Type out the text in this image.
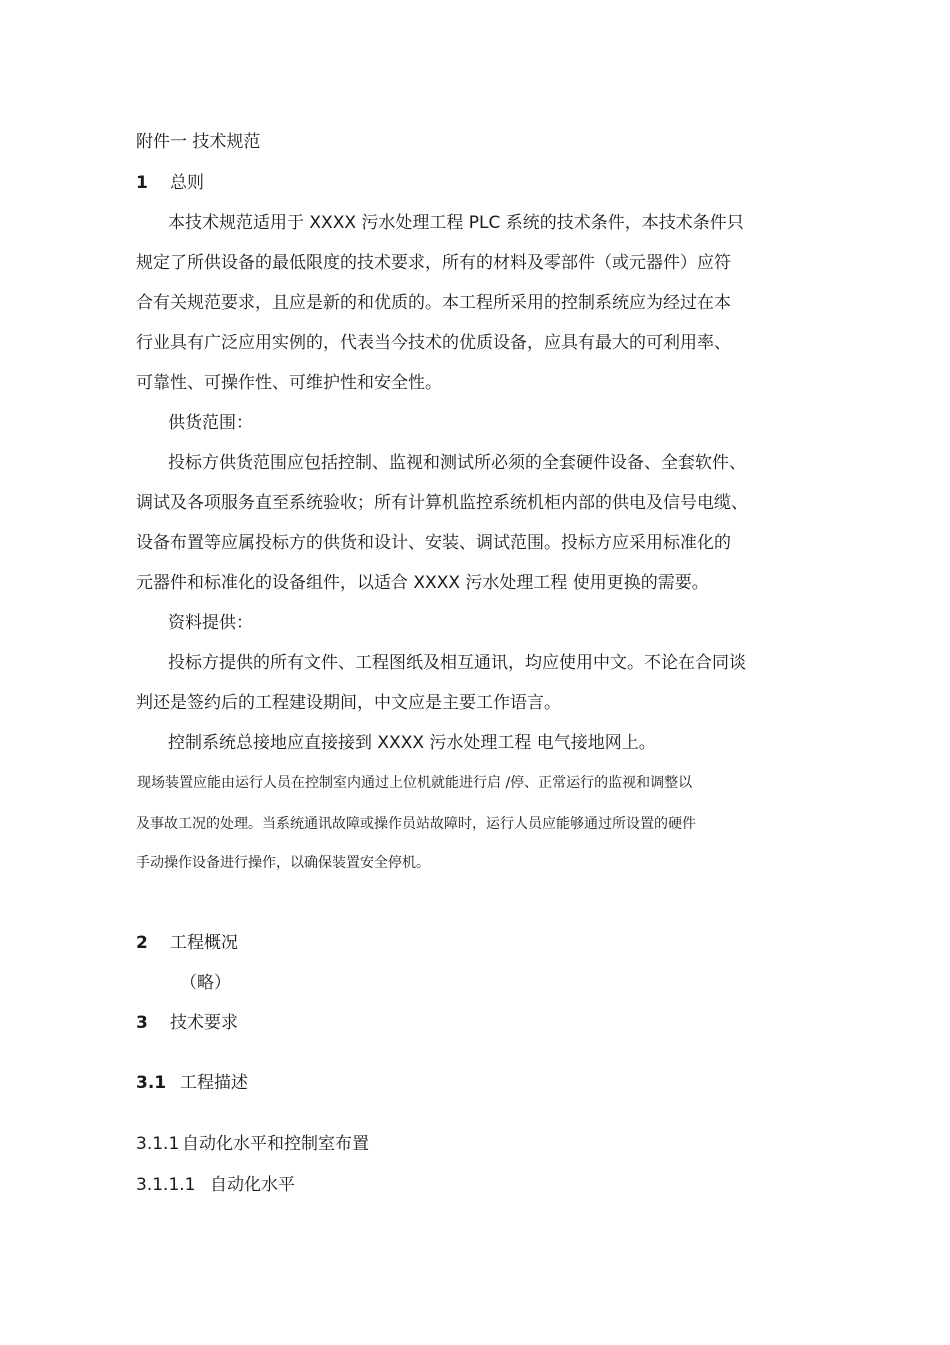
附件一 技术规范
1 总则
本技术规范适用于 XXXX 污水处理工程 PLC 系统的技术条件，本技术条件只
规定了所供设备的最低限度的技术要求，所有的材料及零部件（或元器件）应符
合有关规范要求，且应是新的和优质的。本工程所采用的控制系统应为经过在本
行业具有广泛应用实例的，代表当今技术的优质设备，应具有最大的可利用率、
可靠性、可操作性、可维护性和安全性。
供货范围：
投标方供货范围应包括控制、监视和测试所必须的全套硬件设备、全套软件、
调试及各项服务直至系统验收；所有计算机监控系统机柜内部的供电及信号电缆、
设备布置等应属投标方的供货和设计、安装、调试范围。投标方应采用标准化的
元器件和标准化的设备组件，以适合 XXXX 污水处理工程 使用更换的需要。
资料提供：
投标方提供的所有文件、工程图纸及相互通讯，均应使用中文。不论在合同谈
判还是签约后的工程建设期间，中文应是主要工作语言。
控制系统总接地应直接接到 XXXX 污水处理工程 电气接地网上。
现场装置应能由运行人员在控制室内通过上位机就能进行启 /停、正常运行的监视和调整以
及事故工况的处理。当系统通讯故障或操作员站故障时，运行人员应能够通过所设置的硬件
手动操作设备进行操作，以确保装置安全停机。
2 工程概况
（略）
3 技术要求
3.1 工程描述
3.1.1 自动化水平和控制室布置
3.1.1.1 自动化水平
